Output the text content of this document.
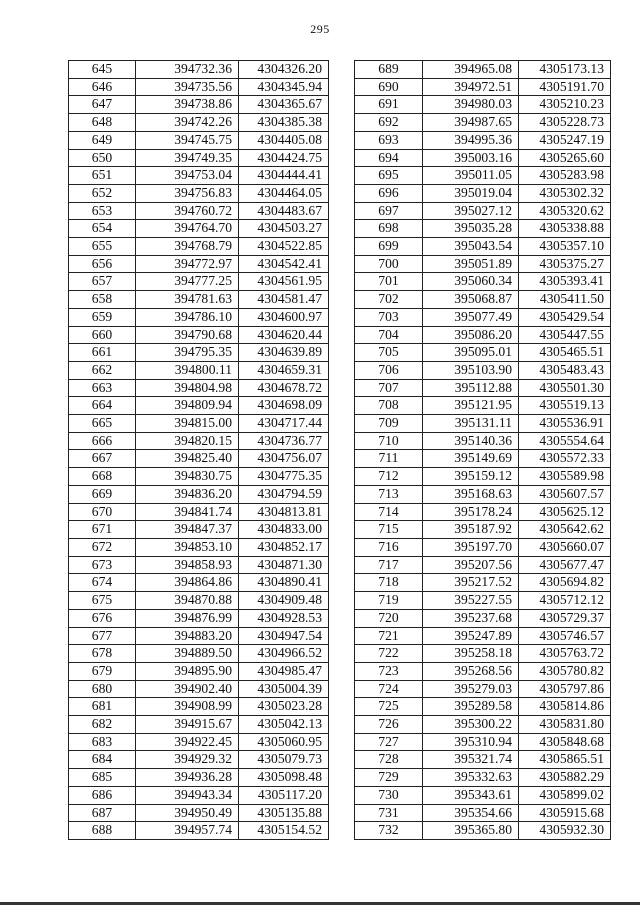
295
645	394732.36	4304326.20
646	394735.56	4304345.94
647	394738.86	4304365.67
648	394742.26	4304385.38
649	394745.75	4304405.08
650	394749.35	4304424.75
651	394753.04	4304444.41
652	394756.83	4304464.05
653	394760.72	4304483.67
654	394764.70	4304503.27
655	394768.79	4304522.85
656	394772.97	4304542.41
657	394777.25	4304561.95
658	394781.63	4304581.47
659	394786.10	4304600.97
660	394790.68	4304620.44
661	394795.35	4304639.89
662	394800.11	4304659.31
663	394804.98	4304678.72
664	394809.94	4304698.09
665	394815.00	4304717.44
666	394820.15	4304736.77
667	394825.40	4304756.07
668	394830.75	4304775.35
669	394836.20	4304794.59
670	394841.74	4304813.81
671	394847.37	4304833.00
672	394853.10	4304852.17
673	394858.93	4304871.30
674	394864.86	4304890.41
675	394870.88	4304909.48
676	394876.99	4304928.53
677	394883.20	4304947.54
678	394889.50	4304966.52
679	394895.90	4304985.47
680	394902.40	4305004.39
681	394908.99	4305023.28
682	394915.67	4305042.13
683	394922.45	4305060.95
684	394929.32	4305079.73
685	394936.28	4305098.48
686	394943.34	4305117.20
687	394950.49	4305135.88
688	394957.74	4305154.52
689	394965.08	4305173.13
690	394972.51	4305191.70
691	394980.03	4305210.23
692	394987.65	4305228.73
693	394995.36	4305247.19
694	395003.16	4305265.60
695	395011.05	4305283.98
696	395019.04	4305302.32
697	395027.12	4305320.62
698	395035.28	4305338.88
699	395043.54	4305357.10
700	395051.89	4305375.27
701	395060.34	4305393.41
702	395068.87	4305411.50
703	395077.49	4305429.54
704	395086.20	4305447.55
705	395095.01	4305465.51
706	395103.90	4305483.43
707	395112.88	4305501.30
708	395121.95	4305519.13
709	395131.11	4305536.91
710	395140.36	4305554.64
711	395149.69	4305572.33
712	395159.12	4305589.98
713	395168.63	4305607.57
714	395178.24	4305625.12
715	395187.92	4305642.62
716	395197.70	4305660.07
717	395207.56	4305677.47
718	395217.52	4305694.82
719	395227.55	4305712.12
720	395237.68	4305729.37
721	395247.89	4305746.57
722	395258.18	4305763.72
723	395268.56	4305780.82
724	395279.03	4305797.86
725	395289.58	4305814.86
726	395300.22	4305831.80
727	395310.94	4305848.68
728	395321.74	4305865.51
729	395332.63	4305882.29
730	395343.61	4305899.02
731	395354.66	4305915.68
732	395365.80	4305932.30
